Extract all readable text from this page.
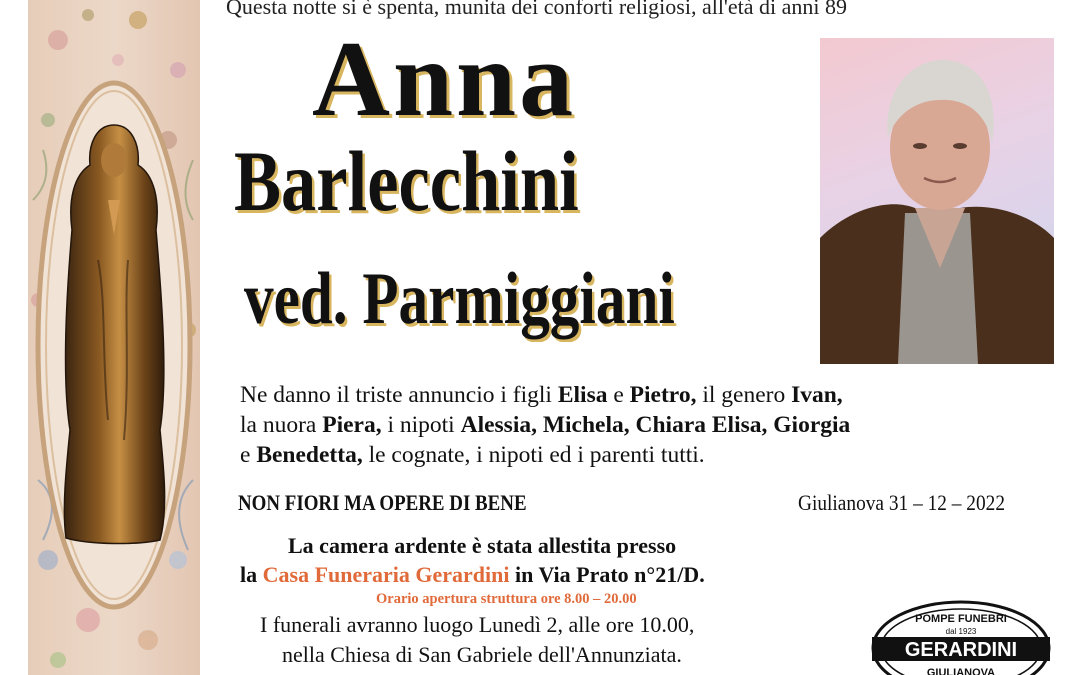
Questa notte si è spenta, munita dei conforti religiosi, all'età di anni 89
Anna
Barlecchini
ved. Parmiggiani
Ne danno il triste annuncio i figli Elisa e Pietro, il genero Ivan,
la nuora Piera, i nipoti Alessia, Michela, Chiara Elisa, Giorgia
e Benedetta, le cognate, i nipoti ed i parenti tutti.
NON FIORI MA OPERE DI BENE	Giulianova 31 – 12 – 2022
La camera ardente è stata allestita presso
la Casa Funeraria Gerardini in Via Prato n°21/D.
Orario apertura struttura ore 8.00 – 20.00
I funerali avranno luogo Lunedì 2, alle ore 10.00,
nella Chiesa di San Gabriele dell'Annunziata.
POMPE FUNEBRI
dal 1923
GERARDINI
GIULIANOVA
